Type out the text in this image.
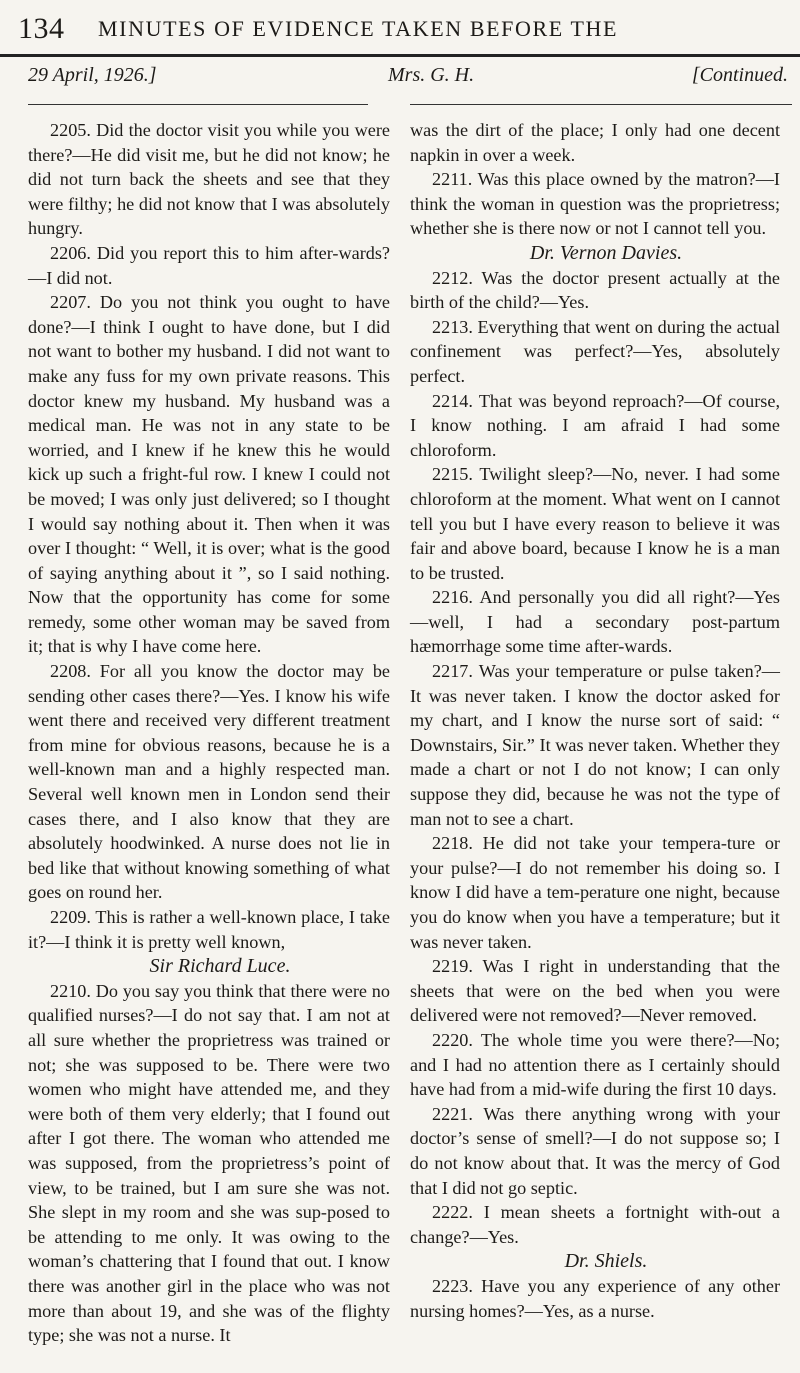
134 MINUTES OF EVIDENCE TAKEN BEFORE THE
29 April, 1926.]	Mrs. G. H.	[Continued.

2205. Did the doctor visit you while you were there?—He did visit me, but he did not know; he did not turn back the sheets and see that they were filthy; he did not know that I was absolutely hungry.

2206. Did you report this to him after-wards?—I did not.

2207. Do you not think you ought to have done?—I think I ought to have done, but I did not want to bother my husband. I did not want to make any fuss for my own private reasons. This doctor knew my husband. My husband was a medical man. He was not in any state to be worried, and I knew if he knew this he would kick up such a fright-ful row. I knew I could not be moved; I was only just delivered; so I thought I would say nothing about it. Then when it was over I thought: “ Well, it is over; what is the good of saying anything about it ”, so I said nothing. Now that the opportunity has come for some remedy, some other woman may be saved from it; that is why I have come here.

2208. For all you know the doctor may be sending other cases there?—Yes. I know his wife went there and received very different treatment from mine for obvious reasons, because he is a well-known man and a highly respected man. Several well known men in London send their cases there, and I also know that they are absolutely hoodwinked. A nurse does not lie in bed like that without knowing something of what goes on round her.

2209. This is rather a well-known place, I take it?—I think it is pretty well known,

Sir Richard Luce.

2210. Do you say you think that there were no qualified nurses?—I do not say that. I am not at all sure whether the proprietress was trained or not; she was supposed to be. There were two women who might have attended me, and they were both of them very elderly; that I found out after I got there. The woman who attended me was supposed, from the proprietress’s point of view, to be trained, but I am sure she was not. She slept in my room and she was sup-posed to be attending to me only. It was owing to the woman’s chattering that I found that out. I know there was another girl in the place who was not more than about 19, and she was of the flighty type; she was not a nurse. It

was the dirt of the place; I only had one decent napkin in over a week.

2211. Was this place owned by the matron?—I think the woman in question was the proprietress; whether she is there now or not I cannot tell you.

Dr. Vernon Davies.

2212. Was the doctor present actually at the birth of the child?—Yes.

2213. Everything that went on during the actual confinement was perfect?—Yes, absolutely perfect.

2214. That was beyond reproach?—Of course, I know nothing. I am afraid I had some chloroform.

2215. Twilight sleep?—No, never. I had some chloroform at the moment. What went on I cannot tell you but I have every reason to believe it was fair and above board, because I know he is a man to be trusted.

2216. And personally you did all right?—Yes—well, I had a secondary post-partum hæmorrhage some time after-wards.

2217. Was your temperature or pulse taken?—It was never taken. I know the doctor asked for my chart, and I know the nurse sort of said: “ Downstairs, Sir.” It was never taken. Whether they made a chart or not I do not know; I can only suppose they did, because he was not the type of man not to see a chart.

2218. He did not take your tempera-ture or your pulse?—I do not remember his doing so. I know I did have a tem-perature one night, because you do know when you have a temperature; but it was never taken.

2219. Was I right in understanding that the sheets that were on the bed when you were delivered were not removed?—Never removed.

2220. The whole time you were there?—No; and I had no attention there as I certainly should have had from a mid-wife during the first 10 days.

2221. Was there anything wrong with your doctor’s sense of smell?—I do not suppose so; I do not know about that. It was the mercy of God that I did not go septic.

2222. I mean sheets a fortnight with-out a change?—Yes.

Dr. Shiels.

2223. Have you any experience of any other nursing homes?—Yes, as a nurse.
